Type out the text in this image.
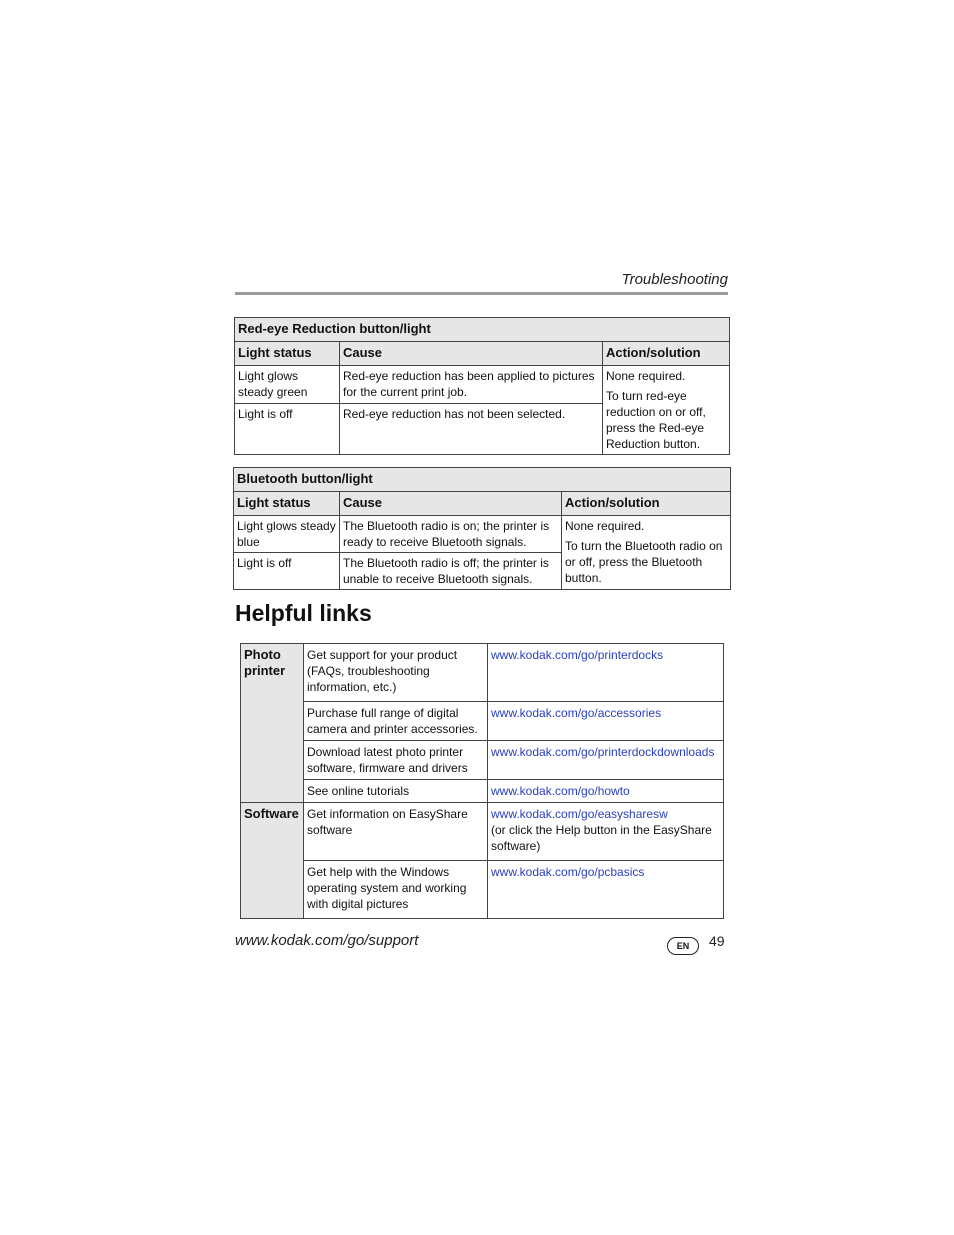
Troubleshooting
Red-eye Reduction button/light		
Light status	Cause	Action/solution
Light glows steady green	Red-eye reduction has been applied to pictures for the current print job.	None required.
To turn red-eye reduction on or off, press the Red-eye Reduction button.

Light is off	Red-eye reduction has not been selected.	
Bluetooth button/light		
Light status	Cause	Action/solution
Light glows steady blue	The Bluetooth radio is on; the printer is ready to receive Bluetooth signals.	None required.
To turn the Bluetooth radio on or off, press the Bluetooth button.

Light is off	The Bluetooth radio is off; the printer is unable to receive Bluetooth signals.	
Helpful links
Photo printer	Get support for your product (FAQs, troubleshooting information, etc.)	www.kodak.com/go/printerdocks
	Purchase full range of digital camera and printer accessories.	www.kodak.com/go/accessories
	Download latest photo printer software, firmware and drivers	www.kodak.com/go/printerdockdownloads
	See online tutorials	www.kodak.com/go/howto
Software	Get information on EasyShare software	www.kodak.com/go/easysharesw
(or click the Help button in the EasyShare software)

	Get help with the Windows operating system and working with digital pictures	www.kodak.com/go/pcbasics
www.kodak.com/go/support	EN	49
